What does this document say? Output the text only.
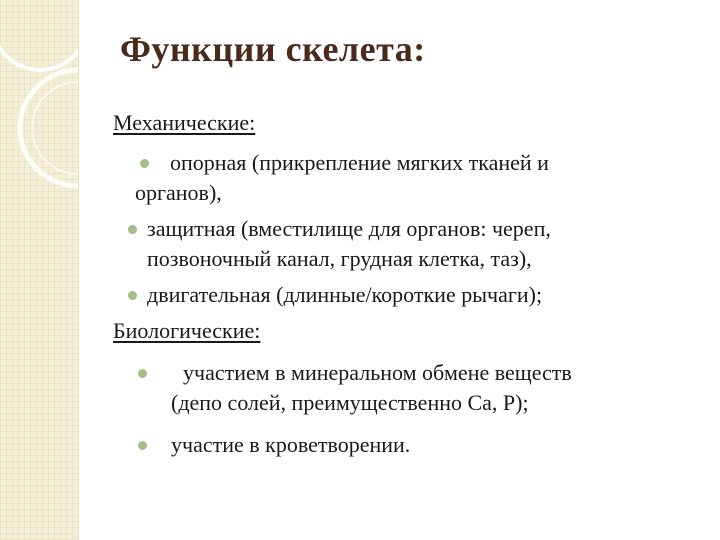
Функции скелета:
Механические:
опорная (прикрепление мягких тканей и
органов),
защитная (вместилище для органов: череп,
позвоночный канал, грудная клетка, таз),
двигательная (длинные/короткие рычаги);
Биологические:
участием в минеральном обмене веществ
(депо солей, преимущественно Са, Р);
участие в кроветворении.
